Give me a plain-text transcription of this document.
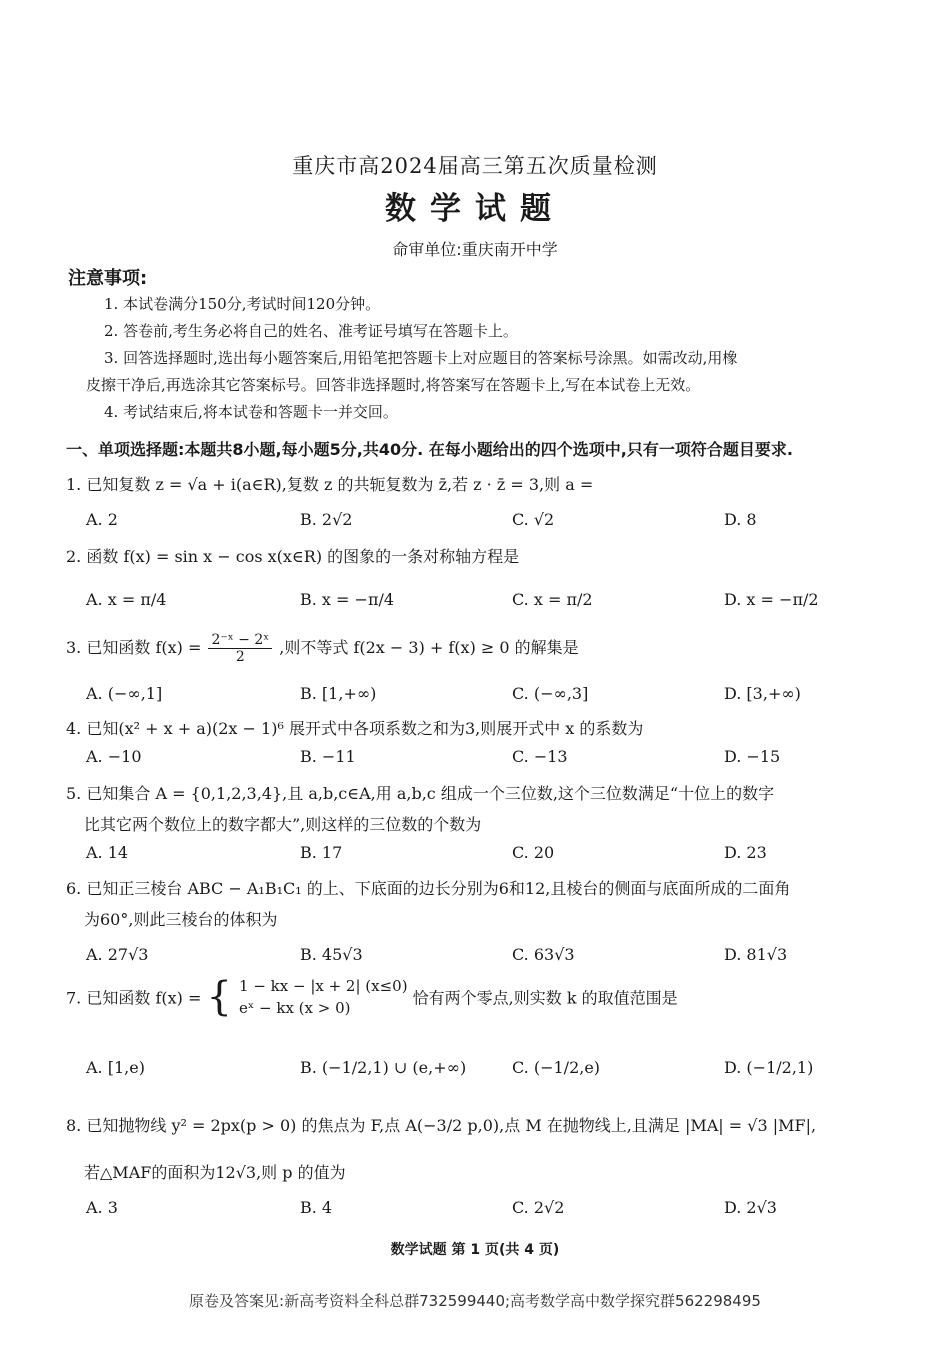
重庆市高2024届高三第五次质量检测
数学试题
命审单位:重庆南开中学
注意事项:
1. 本试卷满分150分,考试时间120分钟。
2. 答卷前,考生务必将自己的姓名、准考证号填写在答题卡上。
3. 回答选择题时,选出每小题答案后,用铅笔把答题卡上对应题目的答案标号涂黑。如需改动,用橡
皮擦干净后,再选涂其它答案标号。回答非选择题时,将答案写在答题卡上,写在本试卷上无效。
4. 考试结束后,将本试卷和答题卡一并交回。
一、单项选择题:本题共8小题,每小题5分,共40分. 在每小题给出的四个选项中,只有一项符合题目要求.
1. 已知复数 z = √a + i(a∈R),复数 z 的共轭复数为 z̄,若 z · z̄ = 3,则 a =
A. 2	B. 2√2	C. √2	D. 8
2. 函数 f(x) = sin x − cos x(x∈R) 的图象的一条对称轴方程是
A. x = π/4	B. x = −π/4	C. x = π/2	D. x = −π/2
3. 已知函数 $f(x) = \frac{\text{2⁻ˣ − 2ˣ}}{2}$ ,则不等式 f(2x − 3) + f(x) ≥ 0 的解集是
A. (−∞,1]	B. [1,+∞)	C. (−∞,3]	D. [3,+∞)
4. 已知(x² + x + a)(2x − 1)⁶ 展开式中各项系数之和为3,则展开式中 x 的系数为
A. −10	B. −11	C. −13	D. −15
5. 已知集合 A = {0,1,2,3,4},且 a,b,c∈A,用 a,b,c 组成一个三位数,这个三位数满足“十位上的数字
比其它两个数位上的数字都大”,则这样的三位数的个数为
A. 14	B. 17	C. 20	D. 23
6. 已知正三棱台 ABC − A₁B₁C₁ 的上、下底面的边长分别为6和12,且棱台的侧面与底面所成的二面角
为60°,则此三棱台的体积为
A. 27√3	B. 45√3	C. 63√3	D. 81√3
7. 已知函数 f(x) = { 1 − kx − |x + 2| (x≤0)
eˣ − kx (x > 0)
恰有两个零点,则实数 k 的取值范围是
A. [1,e)	B. (−1/2,1) ∪ (e,+∞)	C. (−1/2,e)	D. (−1/2,1)
8. 已知抛物线 y² = 2px(p > 0) 的焦点为 F,点 A(−3/2 p,0),点 M 在抛物线上,且满足 |MA| = √3 |MF|,
若△MAF的面积为12√3,则 p 的值为
A. 3	B. 4	C. 2√2	D. 2√3
数学试题 第 1 页(共 4 页)
原卷及答案见:新高考资料全科总群732599440;高考数学高中数学探究群562298495
